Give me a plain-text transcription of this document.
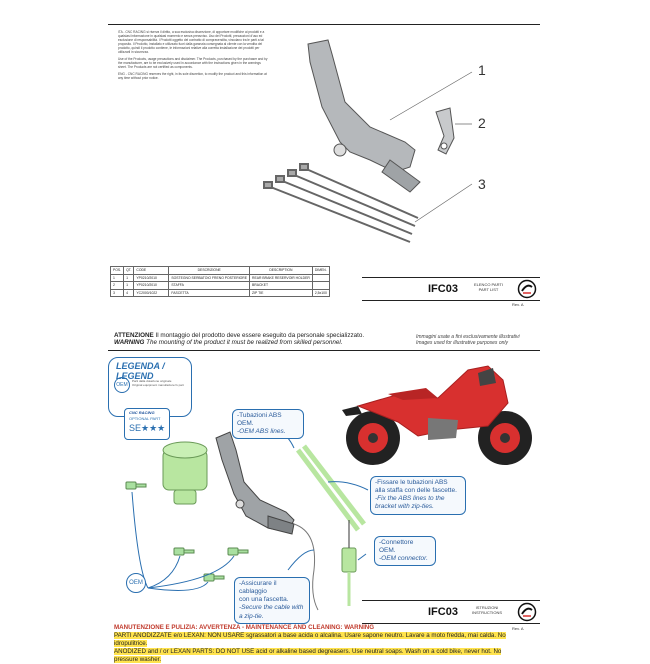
ITA - CNC RACING si riserva il diritto, a sua esclusiva discrezione, di apportare modifiche ai prodotti e a qualsiasi informazione in qualsiasi momento e senza preavviso. Uso dei Prodotti, precauzioni d'uso ed esclusione di responsabilità. I Prodotti oggetto del contratto di compravendita, vincolano tra le parti a tal proposito. Il Prodotto, installato e utilizzato fuori dalla garanzia consegnata al cliente con la vendita del prodotto, quindi il prodotto contiene, le informazioni relative alla corretta installazione dei prodotti per utilizzarli in sicurezza.
Use of the Products, usage precautions and disclaimer. The Products, purchased by the purchaser and by the manufacturer, are to be exclusively used in accordance with the instructions given in the warnings sheet. The Products are not certified as components.
ENG - CNC RACING reserves the right, in its sole discretion, to modify the product and this information at any time without prior notice.	1
2
3
POS.	QT.	CODE	DESCRIZIONE	DESCRIPTION	DIMEN.
1	1	YP0210/2010	SOSTEGNO SERBATOIO FRENO POSTERIORE	REAR BRAKE RESERVOIR HOLDER	
2	1	YP0210/2010	STAFFA	BRACKET	
3	4	YC2000/1022	FASCETTA	ZIP TIE	2,5x100	IFC03	ELENCO PARTI
PART LIST
Rev. A
ATTENZIONE Il montaggio del prodotto deve essere eseguito da personale specializzato.
WARNING The mounting of the product it must be realized from skilled personnel.
Immagini usate a fini esclusivamente illustrativi
Images used for illustrative purposes only
LEGENDA / LEGEND
OEM
Parti dalla dotazione originale
Original equipment manufacturer's part
CNC RACING
OPTIONAL PART
SE★★★
OEM
-Tubazioni ABS OEM.
-OEM ABS lines.
-Fissare le tubazioni ABS
alla staffa con delle fascette.
-Fix the ABS lines to the
bracket with zip-ties.
-Connettore OEM.
-OEM connector.
-Assicurare il cablaggio
con una fascetta.
-Secure the cable with
a zip-tie.	IFC03	ISTRUZIONI
INSTRUCTIONS
Rev. A
MANUTENZIONE E PULIZIA: AVVERTENZA - MAINTENANCE AND CLEANING: WARNING
PARTI ANODIZZATE e/o LEXAN: NON USARE sgrassatori a base acida o alcalina. Usare sapone neutro. Lavare a moto fredda, mai calda. No idropulitrice.
ANODIZED and / or LEXAN PARTS: DO NOT USE acid or alkaline based degreasers. Use neutral soaps. Wash on a cold bike, never hot. No pressure washer.
